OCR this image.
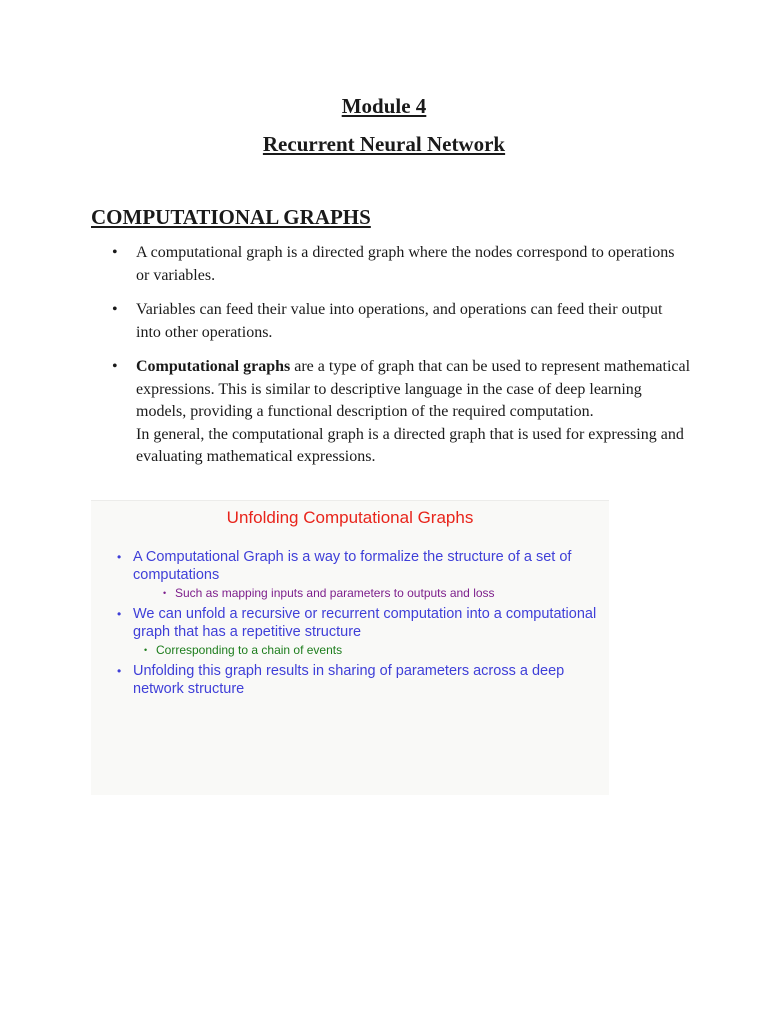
Module 4
Recurrent Neural Network
COMPUTATIONAL GRAPHS
• A computational graph is a directed graph where the nodes correspond to operations or variables.
• Variables can feed their value into operations, and operations can feed their output into other operations.
• Computational graphs are a type of graph that can be used to represent mathematical expressions. This is similar to descriptive language in the case of deep learning models, providing a functional description of the required computation.
In general, the computational graph is a directed graph that is used for expressing and evaluating mathematical expressions.
Unfolding Computational Graphs
• A Computational Graph is a way to formalize the structure of a set of computations
• Such as mapping inputs and parameters to outputs and loss
• We can unfold a recursive or recurrent computation into a computational graph that has a repetitive structure
• Corresponding to a chain of events
• Unfolding this graph results in sharing of parameters across a deep network structure
